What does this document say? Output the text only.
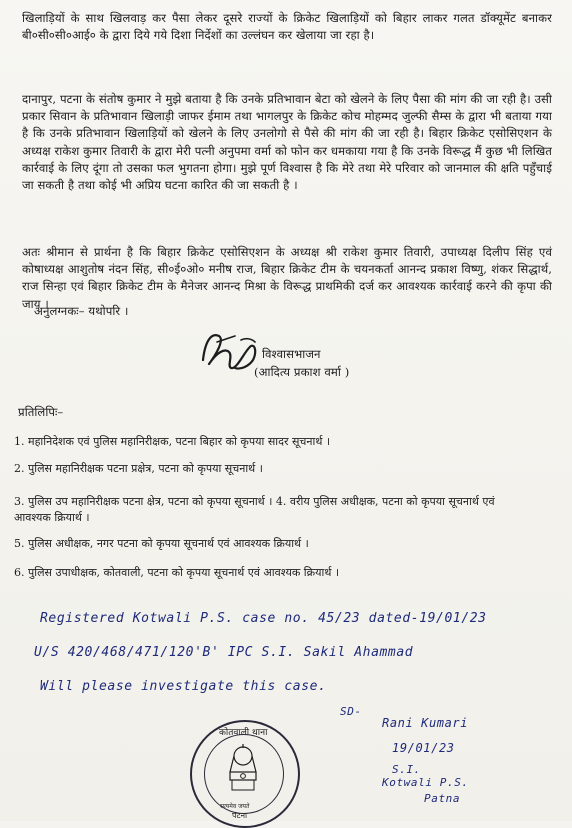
खिलाड़ियों के साथ खिलवाड़ कर पैसा लेकर दूसरे राज्यों के क्रिकेट खिलाड़ियों को बिहार लाकर गलत डॉक्यूमेंट बनाकर बी०सी०सी०आई० के द्वारा दिये गये दिशा निर्देशों का उल्लंघन कर खेलाया जा रहा है।
दानापुर, पटना के संतोष कुमार ने मुझे बताया है कि उनके प्रतिभावान बेटा को खेलने के लिए पैसा की मांग की जा रही है। उसी प्रकार सिवान के प्रतिभावान खिलाड़ी जाफर ईमाम तथा भागलपुर के क्रिकेट कोच मोहम्मद जुल्फी सैम्स के द्वारा भी बताया गया है कि उनके प्रतिभावान खिलाड़ियों को खेलने के लिए उनलोगो से पैसे की मांग की जा रही है। बिहार क्रिकेट एसोसिएशन के अध्यक्ष राकेश कुमार तिवारी के द्वारा मेरी पत्नी अनुपमा वर्मा को फोन कर धमकाया गया है कि उनके विरूद्ध मैं कुछ भी लिखित कार्रवाई के लिए दूंगा तो उसका फल भुगतना होगा। मुझे पूर्ण विश्वास है कि मेरे तथा मेरे परिवार को जानमाल की क्षति पहुँचाई जा सकती है तथा कोई भी अप्रिय घटना कारित की जा सकती है ।
अतः श्रीमान से प्रार्थना है कि बिहार क्रिकेट एसोसिएशन के अध्यक्ष श्री राकेश कुमार तिवारी, उपाध्यक्ष दिलीप सिंह एवं कोषाध्यक्ष आशुतोष नंदन सिंह, सी०ई०ओ० मनीष राज, बिहार क्रिकेट टीम के चयनकर्ता आनन्द प्रकाश विष्णु, शंकर सिद्धार्थ, राज सिन्हा एवं बिहार क्रिकेट टीम के मैनेजर आनन्द मिश्रा के विरूद्ध प्राथमिकी दर्ज कर आवश्यक कार्रवाई करने की कृपा की जाय ।
अनुलग्नकः– यथोपरि ।
विश्वासभाजन
(आदित्य प्रकाश वर्मा )
प्रतिलिपिः–
1. महानिदेशक एवं पुलिस महानिरीक्षक, पटना बिहार को कृपया सादर सूचनार्थ ।
2. पुलिस महानिरीक्षक पटना प्रक्षेत्र, पटना को कृपया सूचनार्थ ।
3. पुलिस उप महानिरीक्षक पटना क्षेत्र, पटना को कृपया सूचनार्थ । 4. वरीय पुलिस अधीक्षक, पटना को कृपया सूचनार्थ एवं आवश्यक क्रियार्थ ।
5. पुलिस अधीक्षक, नगर पटना को कृपया सूचनार्थ एवं आवश्यक क्रियार्थ ।
6. पुलिस उपाधीक्षक, कोतवाली, पटना को कृपया सूचनार्थ एवं आवश्यक क्रियार्थ ।
Registered Kotwali P.S. case no. 45/23 dated-19/01/23
U/S 420/468/471/120'B' IPC S.I. Sakil Ahammad
Will please investigate this case.
SD-
Rani Kumari
19/01/23
S.I.
Kotwali P.S.
Patna
कोतवाली थाना
सत्यमेव जयते
पटना
